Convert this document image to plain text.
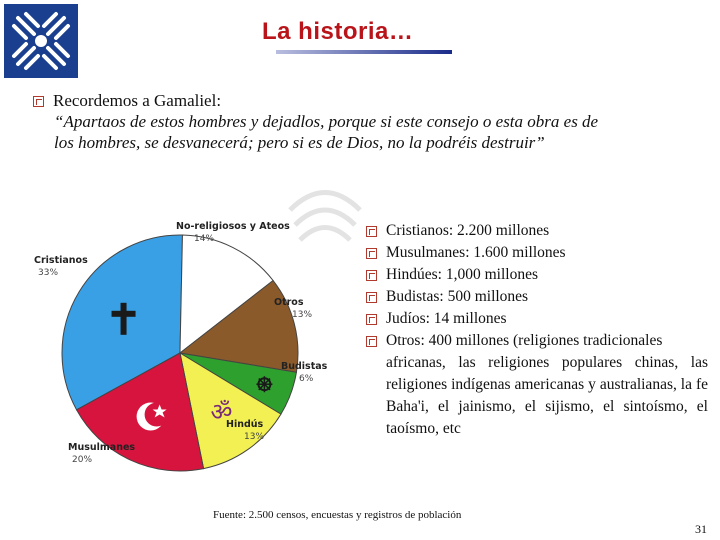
La historia…
Recordemos a Gamaliel:
“Apartaos de estos hombres y dejadlos, porque si este consejo o esta obra es de
los hombres, se desvanecerá; pero si es de Dios, no la podréis destruir”
Cristianos
33%
No-religiosos y Ateos
14%
Otros
13%
Budistas
6%
Hindús
13%
Musulmanes
20%
ॐ
Cristianos: 2.200 millones
Musulmanes: 1.600 millones
Hindúes: 1,000 millones
Budistas: 500 millones
Judíos: 14 millones
Otros: 400 millones (religiones tradicionales
africanas, las religiones populares chinas, las religiones indígenas americanas y australianas, la fe Baha'i, el jainismo, el sijismo, el sintoísmo, el taoísmo, etc
Fuente: 2.500 censos, encuestas y registros de población
31
